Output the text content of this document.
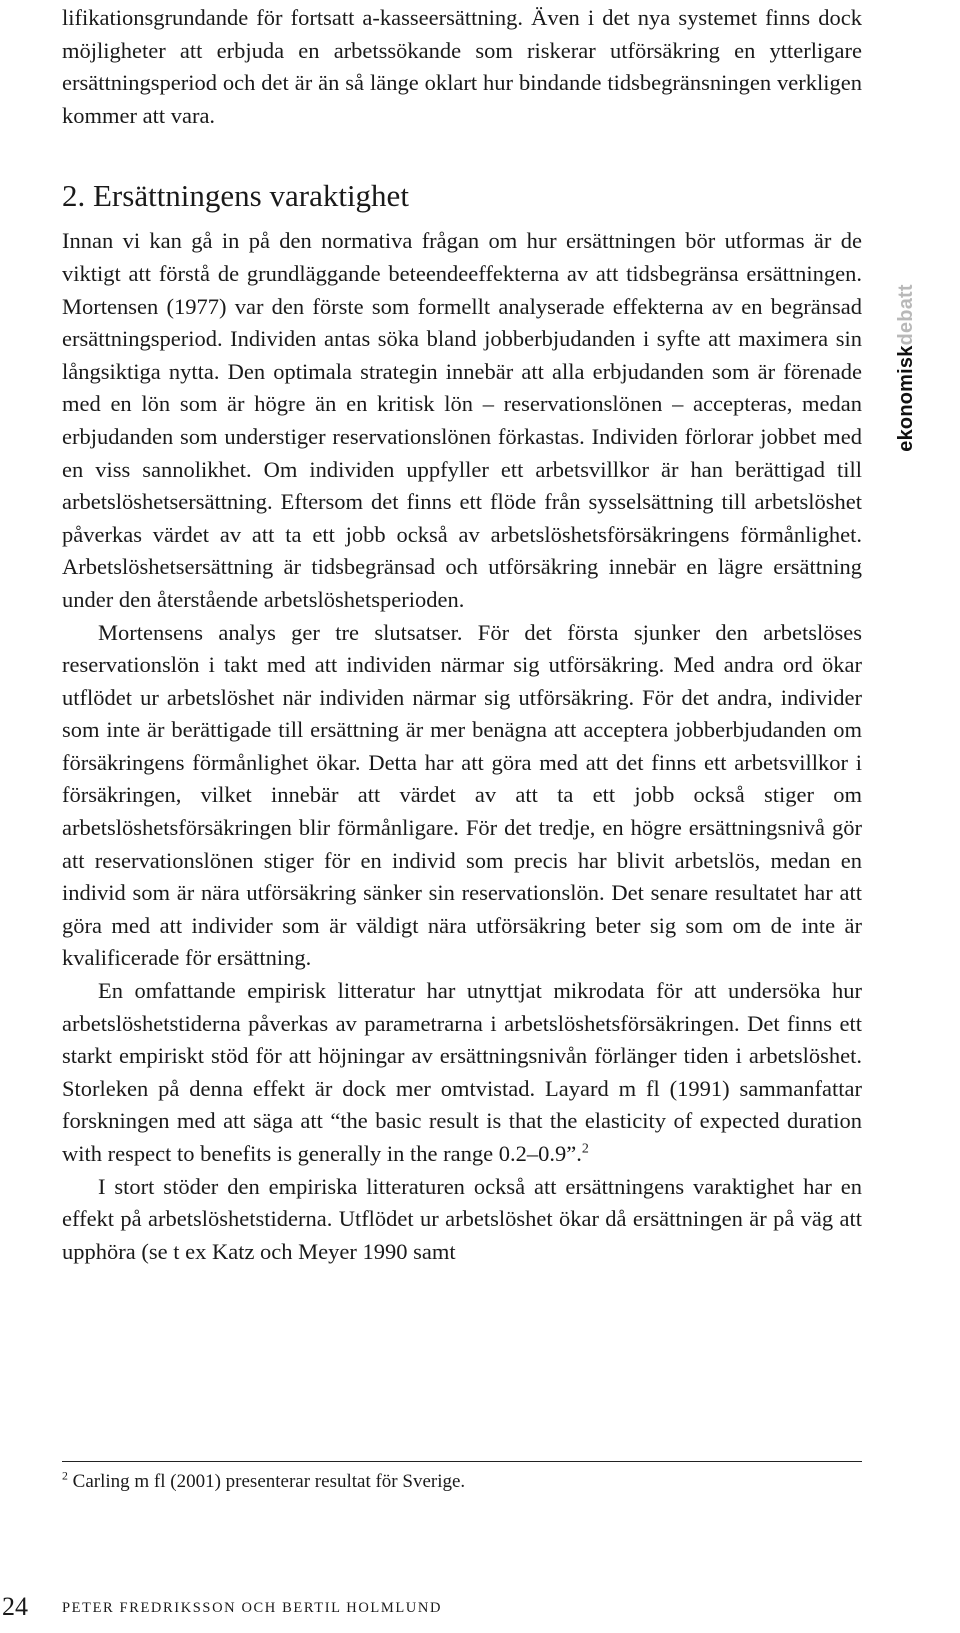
lifikationsgrundande för fortsatt a-kasseersättning. Även i det nya systemet finns dock möjligheter att erbjuda en arbetssökande som riskerar utförsäkring en ytterligare ersättningsperiod och det är än så länge oklart hur bindande tidsbegränsningen verkligen kommer att vara.

2. Ersättningens varaktighet

Innan vi kan gå in på den normativa frågan om hur ersättningen bör utformas är de viktigt att förstå de grundläggande beteendeeffekterna av att tidsbegränsa ersättningen. Mortensen (1977) var den förste som formellt analyserade effekterna av en begränsad ersättningsperiod. Individen antas söka bland jobberbjudanden i syfte att maximera sin långsiktiga nytta. Den optimala strategin innebär att alla erbjudanden som är förenade med en lön som är högre än en kritisk lön – reservationslönen – accepteras, medan erbjudanden som understiger reservationslönen förkastas. Individen förlorar jobbet med en viss sannolikhet. Om individen uppfyller ett arbetsvillkor är han berättigad till arbetslöshetsersättning. Eftersom det finns ett flöde från sysselsättning till arbetslöshet påverkas värdet av att ta ett jobb också av arbetslöshetsförsäkringens förmånlighet. Arbetslöshetsersättning är tidsbegränsad och utförsäkring innebär en lägre ersättning under den återstående arbetslöshetsperioden.

Mortensens analys ger tre slutsatser. För det första sjunker den arbetslöses reservationslön i takt med att individen närmar sig utförsäkring. Med andra ord ökar utflödet ur arbetslöshet när individen närmar sig utförsäkring. För det andra, individer som inte är berättigade till ersättning är mer benägna att acceptera jobberbjudanden om försäkringens förmånlighet ökar. Detta har att göra med att det finns ett arbetsvillkor i försäkringen, vilket innebär att värdet av att ta ett jobb också stiger om arbetslöshetsförsäkringen blir förmånligare. För det tredje, en högre ersättningsnivå gör att reservationslönen stiger för en individ som precis har blivit arbetslös, medan en individ som är nära utförsäkring sänker sin reservationslön. Det senare resultatet har att göra med att individer som är väldigt nära utförsäkring beter sig som om de inte är kvalificerade för ersättning.

En omfattande empirisk litteratur har utnyttjat mikrodata för att undersöka hur arbetslöshetstiderna påverkas av parametrarna i arbetslöshetsförsäkringen. Det finns ett starkt empiriskt stöd för att höjningar av ersättningsnivån förlänger tiden i arbetslöshet. Storleken på denna effekt är dock mer omtvistad. Layard m fl (1991) sammanfattar forskningen med att säga att “the basic result is that the elasticity of expected duration with respect to benefits is generally in the range 0.2–0.9”.$^2$

I stort stöder den empiriska litteraturen också att ersättningens varaktighet har en effekt på arbetslöshetstiderna. Utflödet ur arbetslöshet ökar då ersättningen är på väg att upphöra (se t ex Katz och Meyer 1990 samt

$^2$ Carling m fl (2001) presenterar resultat för Sverige.

24 PETER FREDRIKSSON OCH BERTIL HOLMLUND
ekonomiskdebatt
